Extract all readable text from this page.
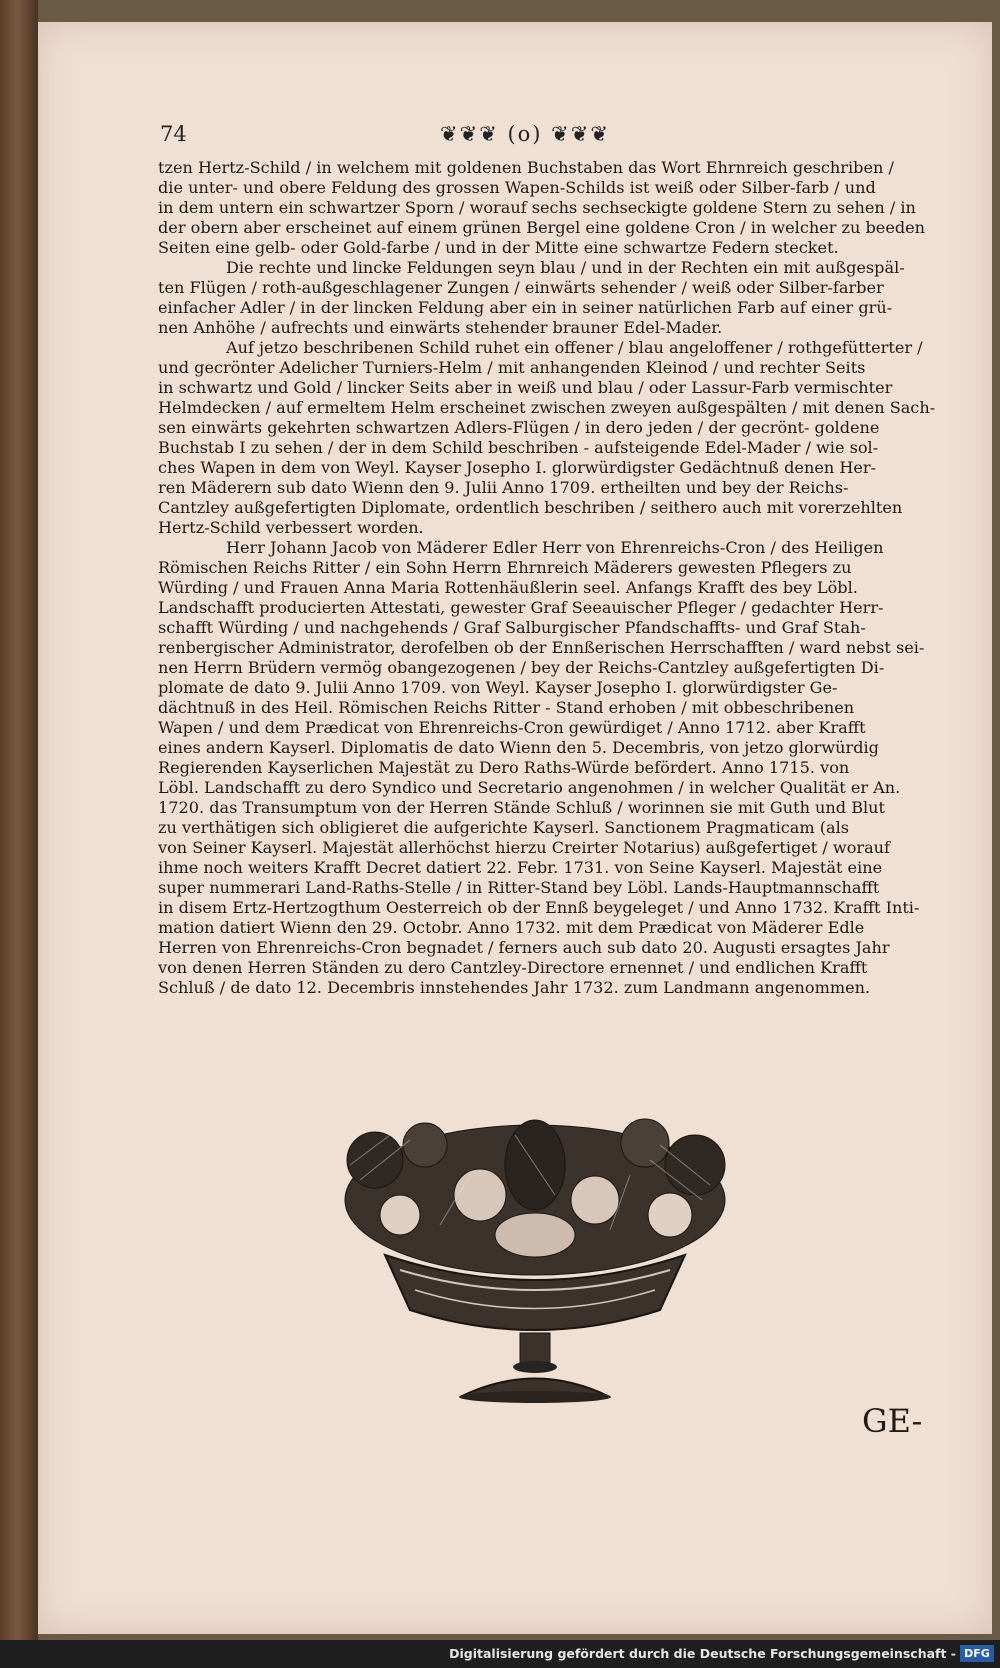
74	❦❦❦ (o) ❦❦❦

tzen Hertz-Schild / in welchem mit goldenen Buchstaben das Wort Ehrnreich geschriben /
die unter- und obere Feldung des grossen Wapen-Schilds ist weiß oder Silber-farb / und
in dem untern ein schwartzer Sporn / worauf sechs sechseckigte goldene Stern zu sehen / in
der obern aber erscheinet auf einem grünen Bergel eine goldene Cron / in welcher zu beeden
Seiten eine gelb- oder Gold-farbe / und in der Mitte eine schwartze Federn stecket.

Die rechte und lincke Feldungen seyn blau / und in der Rechten ein mit außgespäl-
ten Flügen / roth-außgeschlagener Zungen / einwärts sehender / weiß oder Silber-farber
einfacher Adler / in der lincken Feldung aber ein in seiner natürlichen Farb auf einer grü-
nen Anhöhe / aufrechts und einwärts stehender brauner Edel-Mader.

Auf jetzo beschribenen Schild ruhet ein offener / blau angeloffener / rothgefütterter /
und gecrönter Adelicher Turniers-Helm / mit anhangenden Kleinod / und rechter Seits
in schwartz und Gold / lincker Seits aber in weiß und blau / oder Lassur-Farb vermischter
Helmdecken / auf ermeltem Helm erscheinet zwischen zweyen außgespälten / mit denen Sach-
sen einwärts gekehrten schwartzen Adlers-Flügen / in dero jeden / der gecrönt- goldene
Buchstab I zu sehen / der in dem Schild beschriben - aufsteigende Edel-Mader / wie sol-
ches Wapen in dem von Weyl. Kayser Josepho I. glorwürdigster Gedächtnuß denen Her-
ren Mäderern sub dato Wienn den 9. Julii Anno 1709. ertheilten und bey der Reichs-
Cantzley außgefertigten Diplomate, ordentlich beschriben / seithero auch mit vorerzehlten
Hertz-Schild verbessert worden.

Herr Johann Jacob von Mäderer Edler Herr von Ehrenreichs-Cron / des Heiligen
Römischen Reichs Ritter / ein Sohn Herrn Ehrnreich Mäderers gewesten Pflegers zu
Würding / und Frauen Anna Maria Rottenhäußlerin seel. Anfangs Krafft des bey Löbl.
Landschafft producierten Attestati, gewester Graf Seeauischer Pfleger / gedachter Herr-
schafft Würding / und nachgehends / Graf Salburgischer Pfandschaffts- und Graf Stah-
renbergischer Administrator, derofelben ob der Ennßerischen Herrschafften / ward nebst sei-
nen Herrn Brüdern vermög obangezogenen / bey der Reichs-Cantzley außgefertigten Di-
plomate de dato 9. Julii Anno 1709. von Weyl. Kayser Josepho I. glorwürdigster Ge-
dächtnuß in des Heil. Römischen Reichs Ritter - Stand erhoben / mit obbeschribenen
Wapen / und dem Prædicat von Ehrenreichs-Cron gewürdiget / Anno 1712. aber Krafft
eines andern Kayserl. Diplomatis de dato Wienn den 5. Decembris, von jetzo glorwürdig
Regierenden Kayserlichen Majestät zu Dero Raths-Würde befördert. Anno 1715. von
Löbl. Landschafft zu dero Syndico und Secretario angenohmen / in welcher Qualität er An.
1720. das Transumptum von der Herren Stände Schluß / worinnen sie mit Guth und Blut
zu verthätigen sich obligieret die aufgerichte Kayserl. Sanctionem Pragmaticam (als
von Seiner Kayserl. Majestät allerhöchst hierzu Creirter Notarius) außgefertiget / worauf
ihme noch weiters Krafft Decret datiert 22. Febr. 1731. von Seine Kayserl. Majestät eine
super nummerari Land-Raths-Stelle / in Ritter-Stand bey Löbl. Lands-Hauptmannschafft
in disem Ertz-Hertzogthum Oesterreich ob der Ennß beygeleget / und Anno 1732. Krafft Inti-
mation datiert Wienn den 29. Octobr. Anno 1732. mit dem Prædicat von Mäderer Edle
Herren von Ehrenreichs-Cron begnadet / ferners auch sub dato 20. Augusti ersagtes Jahr
von denen Herren Ständen zu dero Cantzley-Directore ernennet / und endlichen Krafft
Schluß / de dato 12. Decembris innstehendes Jahr 1732. zum Landmann angenommen.

GE-
Digitalisierung gefördert durch die Deutsche Forschungsgemeinschaft - DFG
